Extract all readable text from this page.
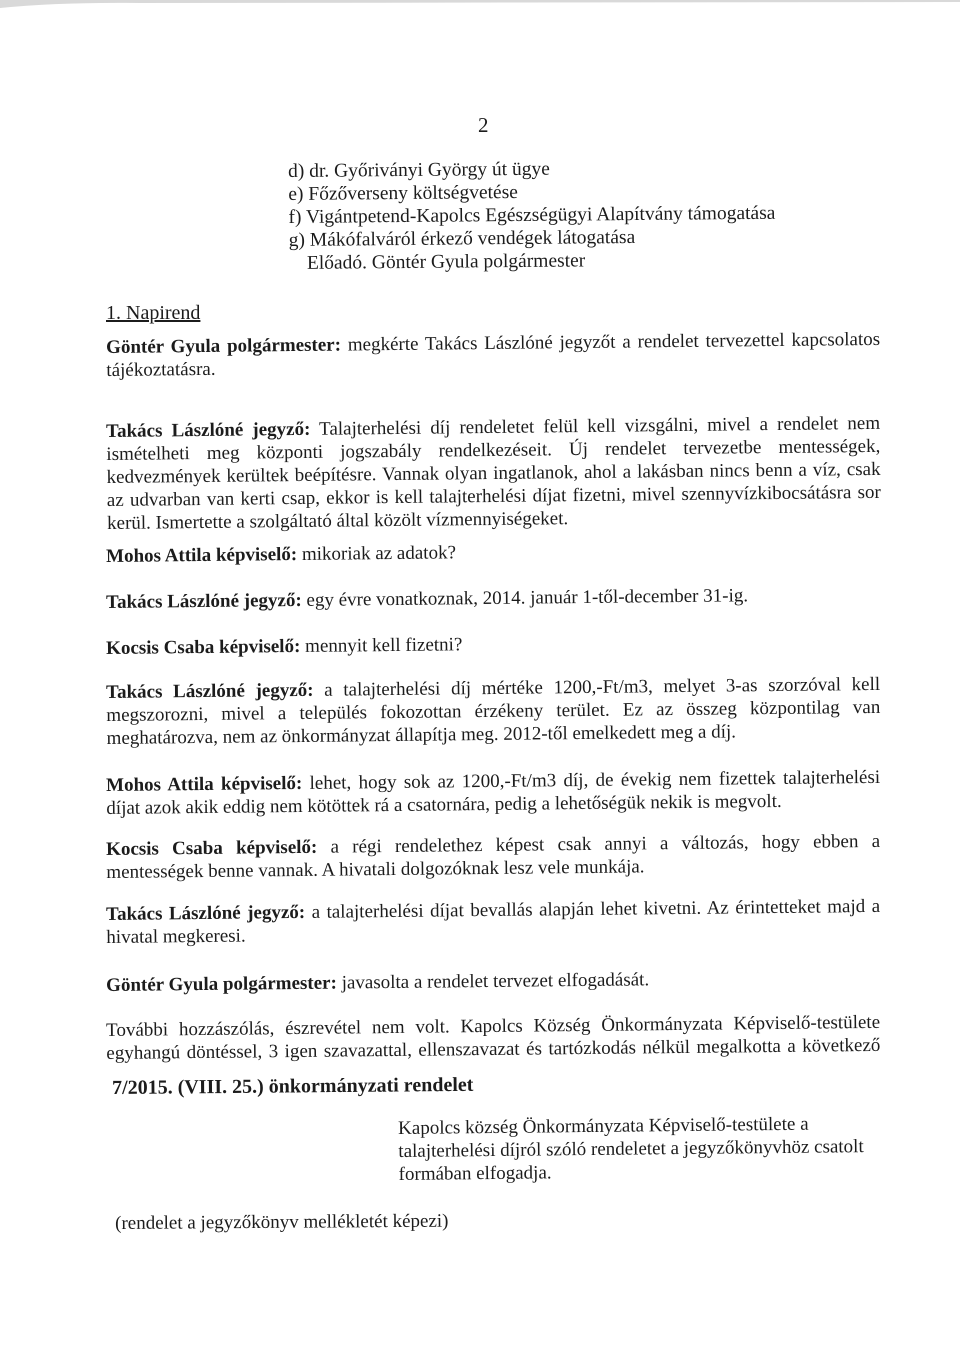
2
d) dr. Győriványi György út ügye
e) Főzőverseny költségvetése
f) Vigántpetend-Kapolcs Egészségügyi Alapítvány támogatása
g) Mákófalváról érkező vendégek látogatása
Előadó. Göntér Gyula polgármester
1. Napirend
Göntér Gyula polgármester: megkérte Takács Lászlóné jegyzőt a rendelet tervezettel kapcsolatos
tájékoztatásra.
Takács Lászlóné jegyző: Talajterhelési díj rendeletet felül kell vizsgálni, mivel a rendelet nem
ismételheti meg központi jogszabály rendelkezéseit. Új rendelet tervezetbe mentességek,
kedvezmények kerültek beépítésre. Vannak olyan ingatlanok, ahol a lakásban nincs benn a víz, csak
az udvarban van kerti csap, ekkor is kell talajterhelési díjat fizetni, mivel szennyvízkibocsátásra sor
kerül. Ismertette a szolgáltató által közölt vízmennyiségeket.
Mohos Attila képviselő: mikoriak az adatok?
Takács Lászlóné jegyző: egy évre vonatkoznak, 2014. január 1-től-december 31-ig.
Kocsis Csaba képviselő: mennyit kell fizetni?
Takács Lászlóné jegyző: a talajterhelési díj mértéke 1200,-Ft/m3, melyet 3-as szorzóval kell
megszorozni, mivel a település fokozottan érzékeny terület. Ez az összeg központilag van
meghatározva, nem az önkormányzat állapítja meg. 2012-től emelkedett meg a díj.
Mohos Attila képviselő: lehet, hogy sok az 1200,-Ft/m3 díj, de évekig nem fizettek talajterhelési
díjat azok akik eddig nem kötöttek rá a csatornára, pedig a lehetőségük nekik is megvolt.
Kocsis Csaba képviselő: a régi rendelethez képest csak annyi a változás, hogy ebben a
mentességek benne vannak. A hivatali dolgozóknak lesz vele munkája.
Takács Lászlóné jegyző: a talajterhelési díjat bevallás alapján lehet kivetni. Az érintetteket majd a
hivatal megkeresi.
Göntér Gyula polgármester: javasolta a rendelet tervezet elfogadását.
További hozzászólás, észrevétel nem volt. Kapolcs Község Önkormányzata Képviselő-testülete
egyhangú döntéssel, 3 igen szavazattal, ellenszavazat és tartózkodás nélkül megalkotta a következő
7/2015. (VIII. 25.) önkormányzati rendelet
Kapolcs község Önkormányzata Képviselő-testülete a
talajterhelési díjról szóló rendeletet a jegyzőkönyvhöz csatolt
formában elfogadja.
(rendelet a jegyzőkönyv mellékletét képezi)
